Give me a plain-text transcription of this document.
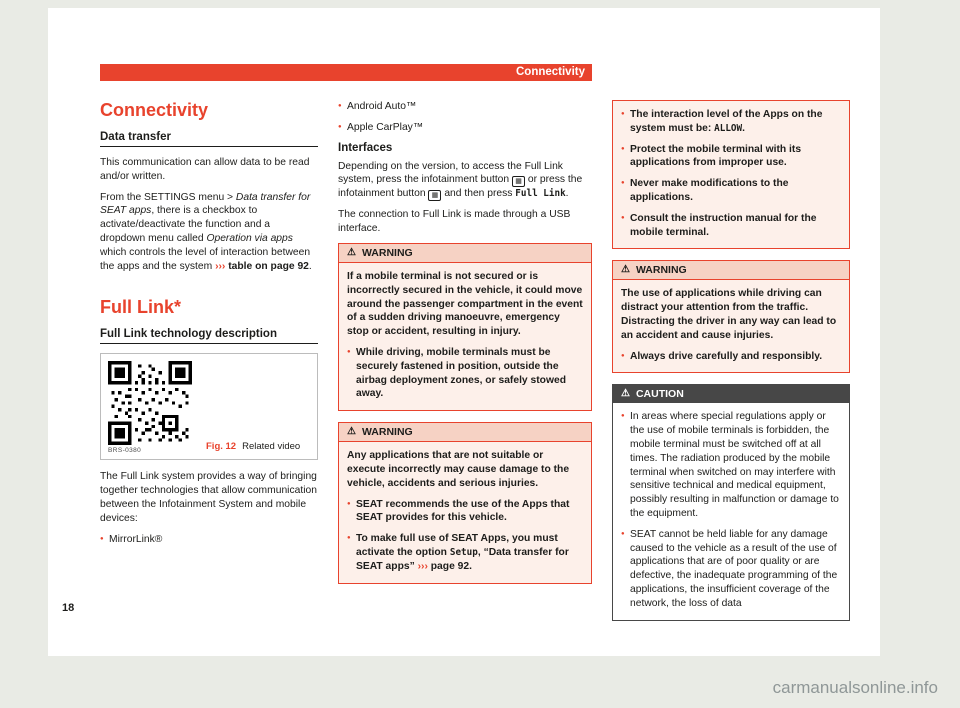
Connectivity
Connectivity
Data transfer

This communication can allow data to be read and/or written.

From the SETTINGS menu > Data transfer for SEAT apps, there is a checkbox to activate/deactivate the function and a dropdown menu called Operation via apps which controls the level of interaction between the apps and the system ››› table on page 92.

Full Link*
Full Link technology description
BRS-0380	Fig. 12 Related video

The Full Link system provides a way of bringing together technologies that allow communication between the Infotainment System and mobile devices:

● MirrorLink®
● Android Auto™
● Apple CarPlay™
Interfaces

Depending on the version, to access the Full Link system, press the infotainment button ▦ or press the infotainment button ▦ and then press Full Link.

The connection to Full Link is made through a USB interface.

⚠ WARNING

If a mobile terminal is not secured or is incorrectly secured in the vehicle, it could move around the passenger compartment in the event of a sudden driving manoeuvre, emergency stop or accident, resulting in injury.

● While driving, mobile terminals must be securely fastened in position, outside the airbag deployment zones, or safely stowed away.
⚠ WARNING

Any applications that are not suitable or execute incorrectly may cause damage to the vehicle, accidents and serious injuries.

● SEAT recommends the use of the Apps that SEAT provides for this vehicle.
● To make full use of SEAT Apps, you must activate the option Setup, “Data transfer for SEAT apps” ››› page 92.
● The interaction level of the Apps on the system must be: ALLOW.
● Protect the mobile terminal with its applications from improper use.
● Never make modifications to the applications.
● Consult the instruction manual for the mobile terminal.
⚠ WARNING

The use of applications while driving can distract your attention from the traffic. Distracting the driver in any way can lead to an accident and cause injuries.

● Always drive carefully and responsibly.
⚠ CAUTION
● In areas where special regulations apply or the use of mobile terminals is forbidden, the mobile terminal must be switched off at all times. The radiation produced by the mobile terminal when switched on may interfere with sensitive technical and medical equipment, possibly resulting in malfunction or damage to the equipment.
● SEAT cannot be held liable for any damage caused to the vehicle as a result of the use of applications that are of poor quality or are defective, the inadequate programming of the applications, the insufficient coverage of the network, the loss of data
18
carmanualsonline.info
